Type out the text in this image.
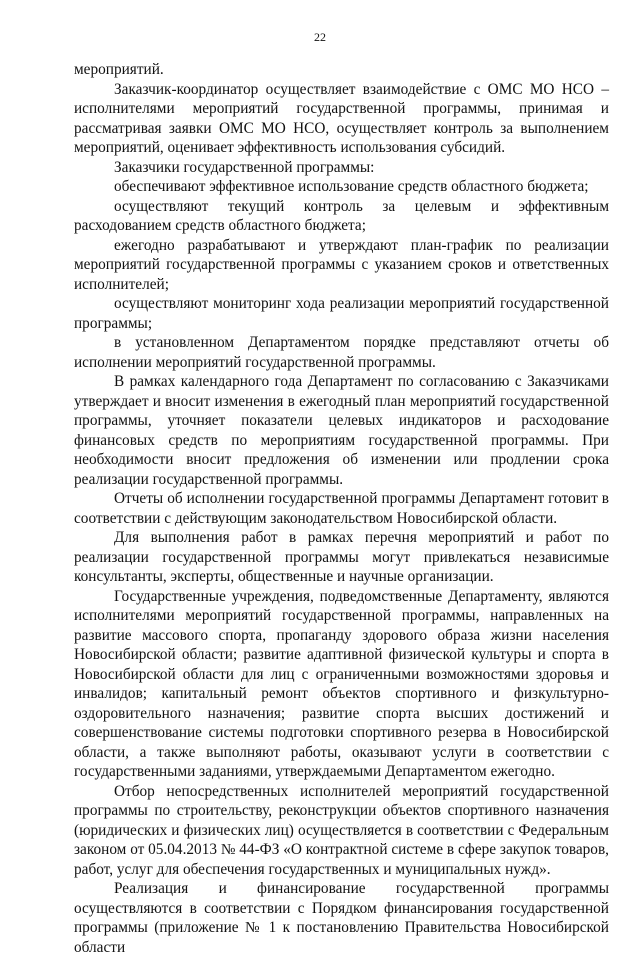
22

мероприятий.

Заказчик-координатор осуществляет взаимодействие с ОМС МО НСО – исполнителями мероприятий государственной программы, принимая и рассматривая заявки ОМС МО НСО, осуществляет контроль за выполнением мероприятий, оценивает эффективность использования субсидий.

Заказчики государственной программы:

обеспечивают эффективное использование средств областного бюджета;

осуществляют текущий контроль за целевым и эффективным расходованием средств областного бюджета;

ежегодно разрабатывают и утверждают план-график по реализации мероприятий государственной программы с указанием сроков и ответственных исполнителей;

осуществляют мониторинг хода реализации мероприятий государственной программы;

в установленном Департаментом порядке представляют отчеты об исполнении мероприятий государственной программы.

В рамках календарного года Департамент по согласованию с Заказчиками утверждает и вносит изменения в ежегодный план мероприятий государственной программы, уточняет показатели целевых индикаторов и расходование финансовых средств по мероприятиям государственной программы. При необходимости вносит предложения об изменении или продлении срока реализации государственной программы.

Отчеты об исполнении государственной программы Департамент готовит в соответствии с действующим законодательством Новосибирской области.

Для выполнения работ в рамках перечня мероприятий и работ по реализации государственной программы могут привлекаться независимые консультанты, эксперты, общественные и научные организации.

Государственные учреждения, подведомственные Департаменту, являются исполнителями мероприятий государственной программы, направленных на развитие массового спорта, пропаганду здорового образа жизни населения Новосибирской области; развитие адаптивной физической культуры и спорта в Новосибирской области для лиц с ограниченными возможностями здоровья и инвалидов; капитальный ремонт объектов спортивного и физкультурно-оздоровительного назначения; развитие спорта высших достижений и совершенствование системы подготовки спортивного резерва в Новосибирской области, а также выполняют работы, оказывают услуги в соответствии с государственными заданиями, утверждаемыми Департаментом ежегодно.

Отбор непосредственных исполнителей мероприятий государственной программы по строительству, реконструкции объектов спортивного назначения (юридических и физических лиц) осуществляется в соответствии с Федеральным законом от 05.04.2013 № 44-ФЗ «О контрактной системе в сфере закупок товаров, работ, услуг для обеспечения государственных и муниципальных нужд».

Реализация и финансирование государственной программы осуществляются в соответствии с Порядком финансирования государственной программы (приложение № 1 к постановлению Правительства Новосибирской области
